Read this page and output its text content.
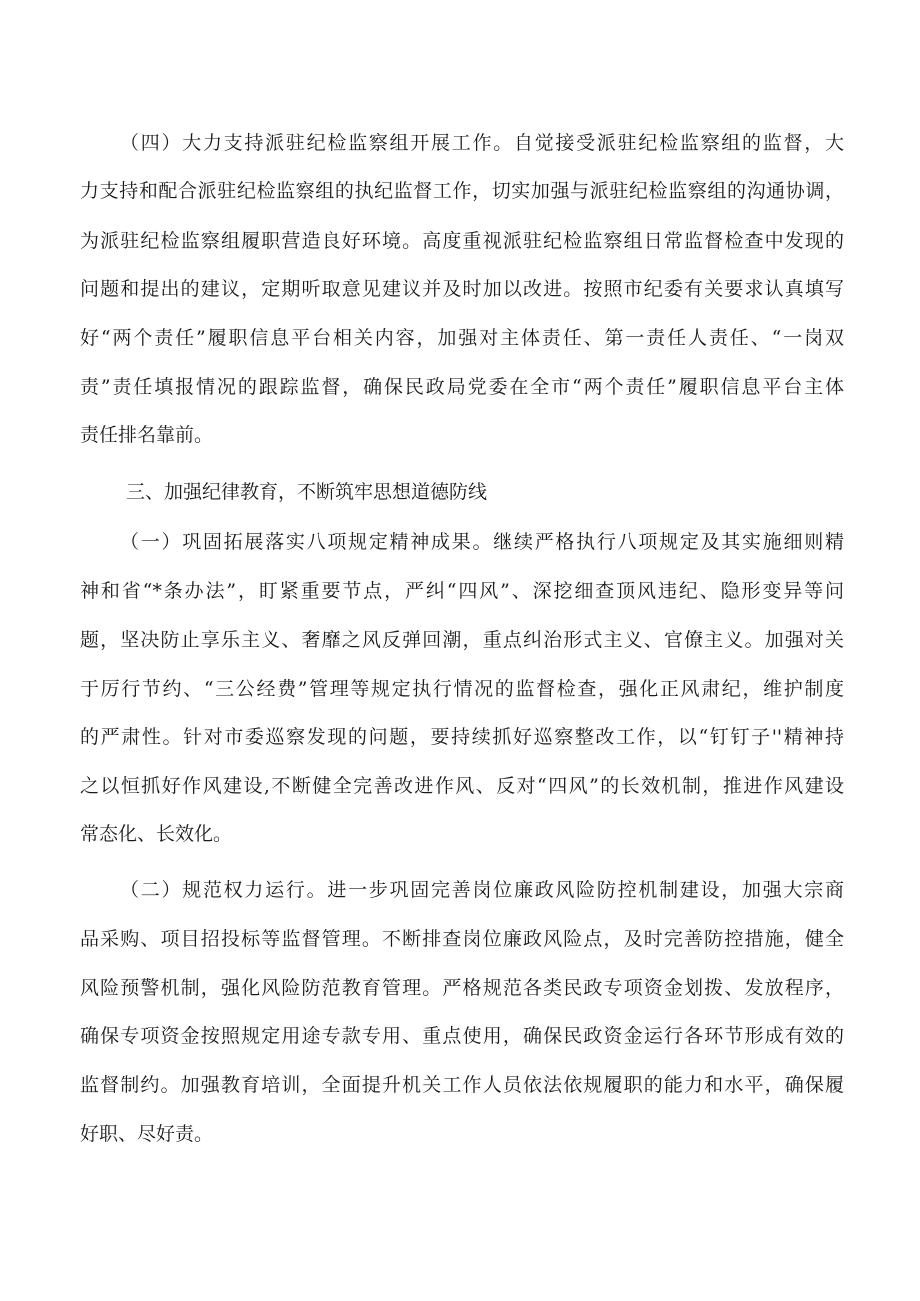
（四）大力支持派驻纪检监察组开展工作。自觉接受派驻纪检监察组的监督，大

力支持和配合派驻纪检监察组的执纪监督工作，切实加强与派驻纪检监察组的沟通协调，

为派驻纪检监察组履职营造良好环境。高度重视派驻纪检监察组日常监督检查中发现的

问题和提出的建议，定期听取意见建议并及时加以改进。按照市纪委有关要求认真填写

好“两个责任”履职信息平台相关内容，加强对主体责任、第一责任人责任、“一岗双

责”责任填报情况的跟踪监督，确保民政局党委在全市“两个责任”履职信息平台主体

责任排名靠前。

三、加强纪律教育，不断筑牢思想道德防线

（一）巩固拓展落实八项规定精神成果。继续严格执行八项规定及其实施细则精

神和省“*条办法”，盯紧重要节点，严纠“四风”、深挖细查顶风违纪、隐形变异等问

题，坚决防止享乐主义、奢靡之风反弹回潮，重点纠治形式主义、官僚主义。加强对关

于厉行节约、“三公经费”管理等规定执行情况的监督检查，强化正风肃纪，维护制度

的严肃性。针对市委巡察发现的问题，要持续抓好巡察整改工作，以“钉钉子''精神持

之以恒抓好作风建设,不断健全完善改进作风、反对“四风”的长效机制，推进作风建设

常态化、长效化。

（二）规范权力运行。进一步巩固完善岗位廉政风险防控机制建设，加强大宗商

品采购、项目招投标等监督管理。不断排查岗位廉政风险点，及时完善防控措施，健全

风险预警机制，强化风险防范教育管理。严格规范各类民政专项资金划拨、发放程序，

确保专项资金按照规定用途专款专用、重点使用，确保民政资金运行各环节形成有效的

监督制约。加强教育培训，全面提升机关工作人员依法依规履职的能力和水平，确保履

好职、尽好责。
